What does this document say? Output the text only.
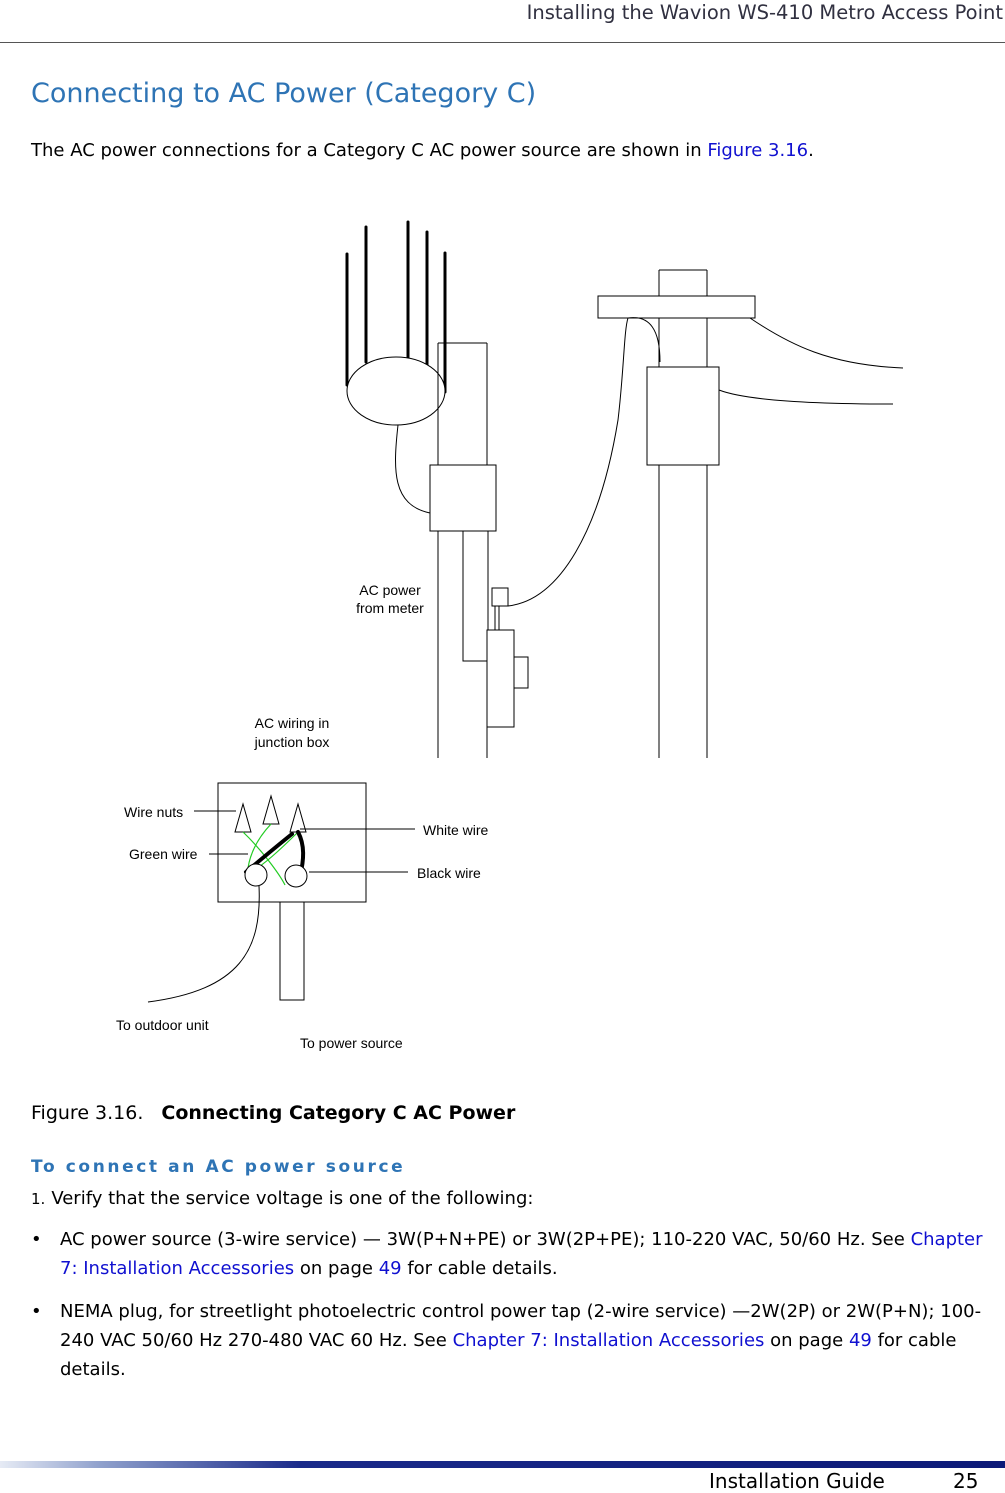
Installing the Wavion WS-410 Metro Access Point
Connecting to AC Power (Category C)
The AC power connections for a Category C AC power source are shown in Figure 3.16.
AC power
from meter
AC wiring in
junction box
Wire nuts
Green wire
White wire
Black wire
To outdoor unit
To power source
Figure 3.16. Connecting Category C AC Power
To connect an AC power source
1. Verify that the service voltage is one of the following:
• AC power source (3-wire service) — 3W(P+N+PE) or 3W(2P+PE); 110-220 VAC, 50/60 Hz. See Chapter 7: Installation Accessories on page 49 for cable details.
• NEMA plug, for streetlight photoelectric control power tap (2-wire service) —2W(2P) or 2W(P+N); 100-240 VAC 50/60 Hz 270-480 VAC 60 Hz. See Chapter 7: Installation Accessories on page 49 for cable details.
Installation Guide	25
